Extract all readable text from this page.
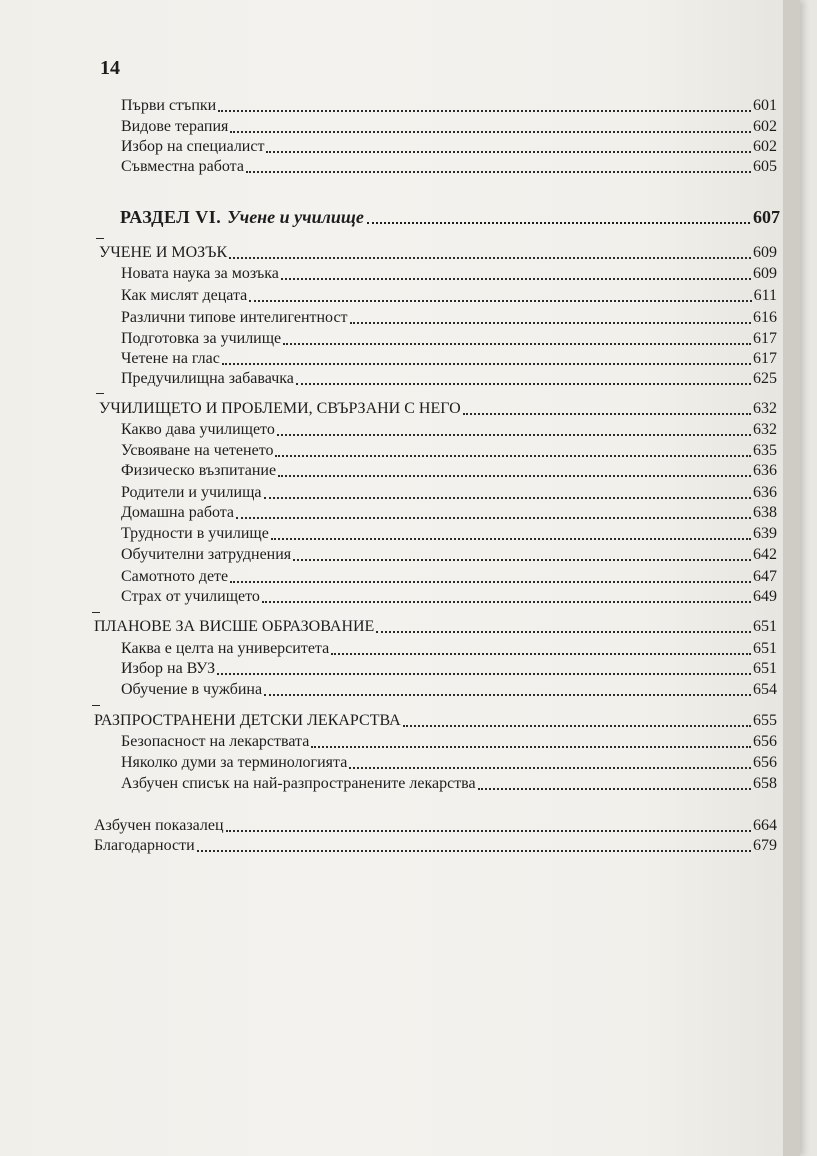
14
Първи стъпки	601
Видове терапия	602
Избор на специалист	602
Съвместна работа	605
РАЗДЕЛ VI. Учене и училище	607
УЧЕНЕ И МОЗЪК	609
Новата наука за мозъка	609
Как мислят децата	611
Различни типове интелигентност	616
Подготовка за училище	617
Четене на глас	617
Предучилищна забавачка	625
УЧИЛИЩЕТО И ПРОБЛЕМИ, СВЪРЗАНИ С НЕГО	632
Какво дава училището	632
Усвояване на четенето	635
Физическо възпитание	636
Родители и училища	636
Домашна работа	638
Трудности в училище	639
Обучителни затруднения	642
Самотното дете	647
Страх от училището	649
ПЛАНОВЕ ЗА ВИСШЕ ОБРАЗОВАНИЕ	651
Каква е целта на университета	651
Избор на ВУЗ	651
Обучение в чужбина	654
РАЗПРОСТРАНЕНИ ДЕТСКИ ЛЕКАРСТВА	655
Безопасност на лекарствата	656
Няколко думи за терминологията	656
Азбучен списък на най-разпространените лекарства	658
Азбучен показалец	664
Благодарности	679
